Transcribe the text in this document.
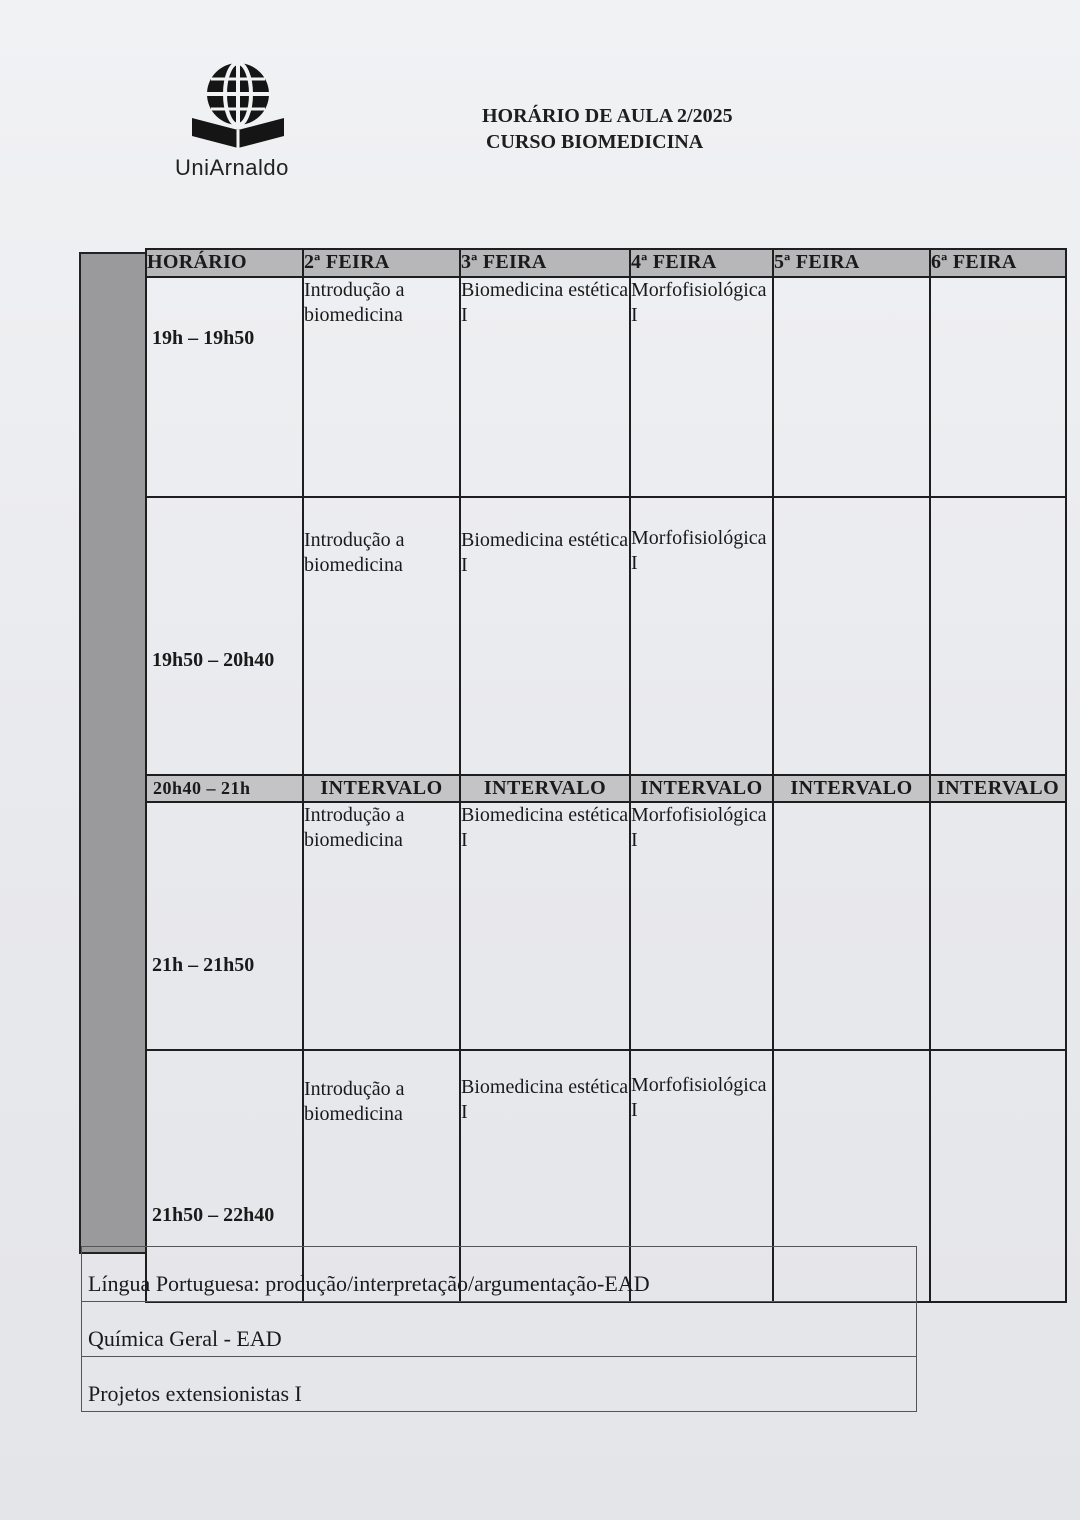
UniArnaldo
HORÁRIO DE AULA 2/2025
CURSO BIOMEDICINA
HORÁRIO	2ª FEIRA	3ª FEIRA	4ª FEIRA	5ª FEIRA	6ª FEIRA

19h – 19h50	Introdução a biomedicina	Biomedicina estética I	Morfofisiológica I		

19h50 – 20h40	Introdução a biomedicina	Biomedicina estética I	Morfofisiológica I		
20h40 – 21h	INTERVALO	INTERVALO	INTERVALO	INTERVALO	INTERVALO

21h – 21h50	Introdução a biomedicina	Biomedicina estética I	Morfofisiológica I		

21h50 – 22h40	Introdução a biomedicina	Biomedicina estética I	Morfofisiológica I		
Língua Portuguesa: produção/interpretação/argumentação-EAD
Química Geral - EAD
Projetos extensionistas I
